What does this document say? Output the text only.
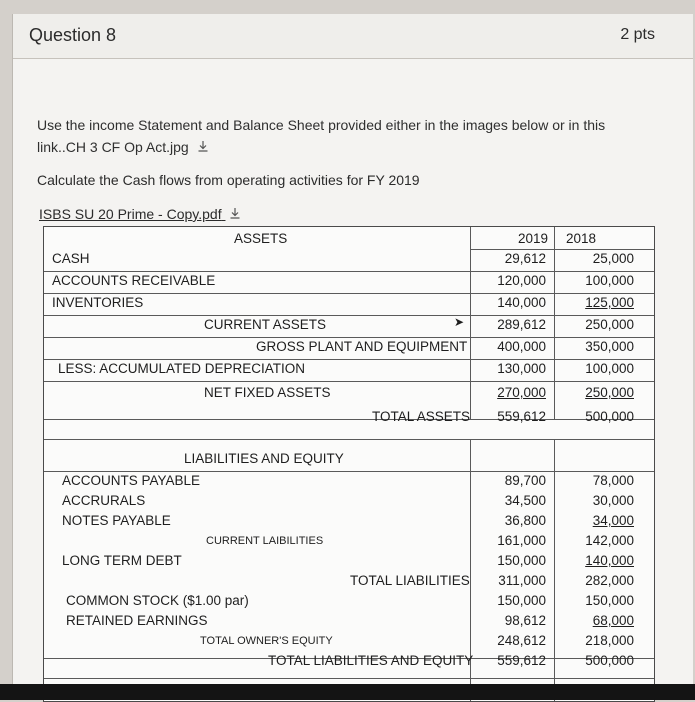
Question 8	2 pts
Use the income Statement and Balance Sheet provided either in the images below or in this
link..CH 3 CF Op Act.jpg
Calculate the Cash flows from operating activities for FY 2019
ISBS SU 20 Prime - Copy.pdf
ASSETS	2019 2018
CASH	29,612	25,000
ACCOUNTS RECEIVABLE	120,000	100,000
INVENTORIES	140,000	125,000
CURRENT ASSETS	➤ 289,612	250,000
GROSS PLANT AND EQUIPMENT 400,000	350,000
LESS: ACCUMULATED DEPRECIATION	130,000	100,000
NET FIXED ASSETS	270,000	250,000
TOTAL ASSETS 559,612	500,000
LIABILITIES AND EQUITY
ACCOUNTS PAYABLE	89,700	78,000
ACCRURALS	34,500	30,000
NOTES PAYABLE	36,800	34,000
CURRENT LAIBILITIES	161,000	142,000
LONG TERM DEBT	150,000	140,000
TOTAL LIABILITIES 311,000	282,000
COMMON STOCK ($1.00 par)	150,000	150,000
RETAINED EARNINGS	98,612	68,000
TOTAL OWNER'S EQUITY	248,612	218,000
TOTAL LIABILITIES AND EQUITY 559,612	500,000
